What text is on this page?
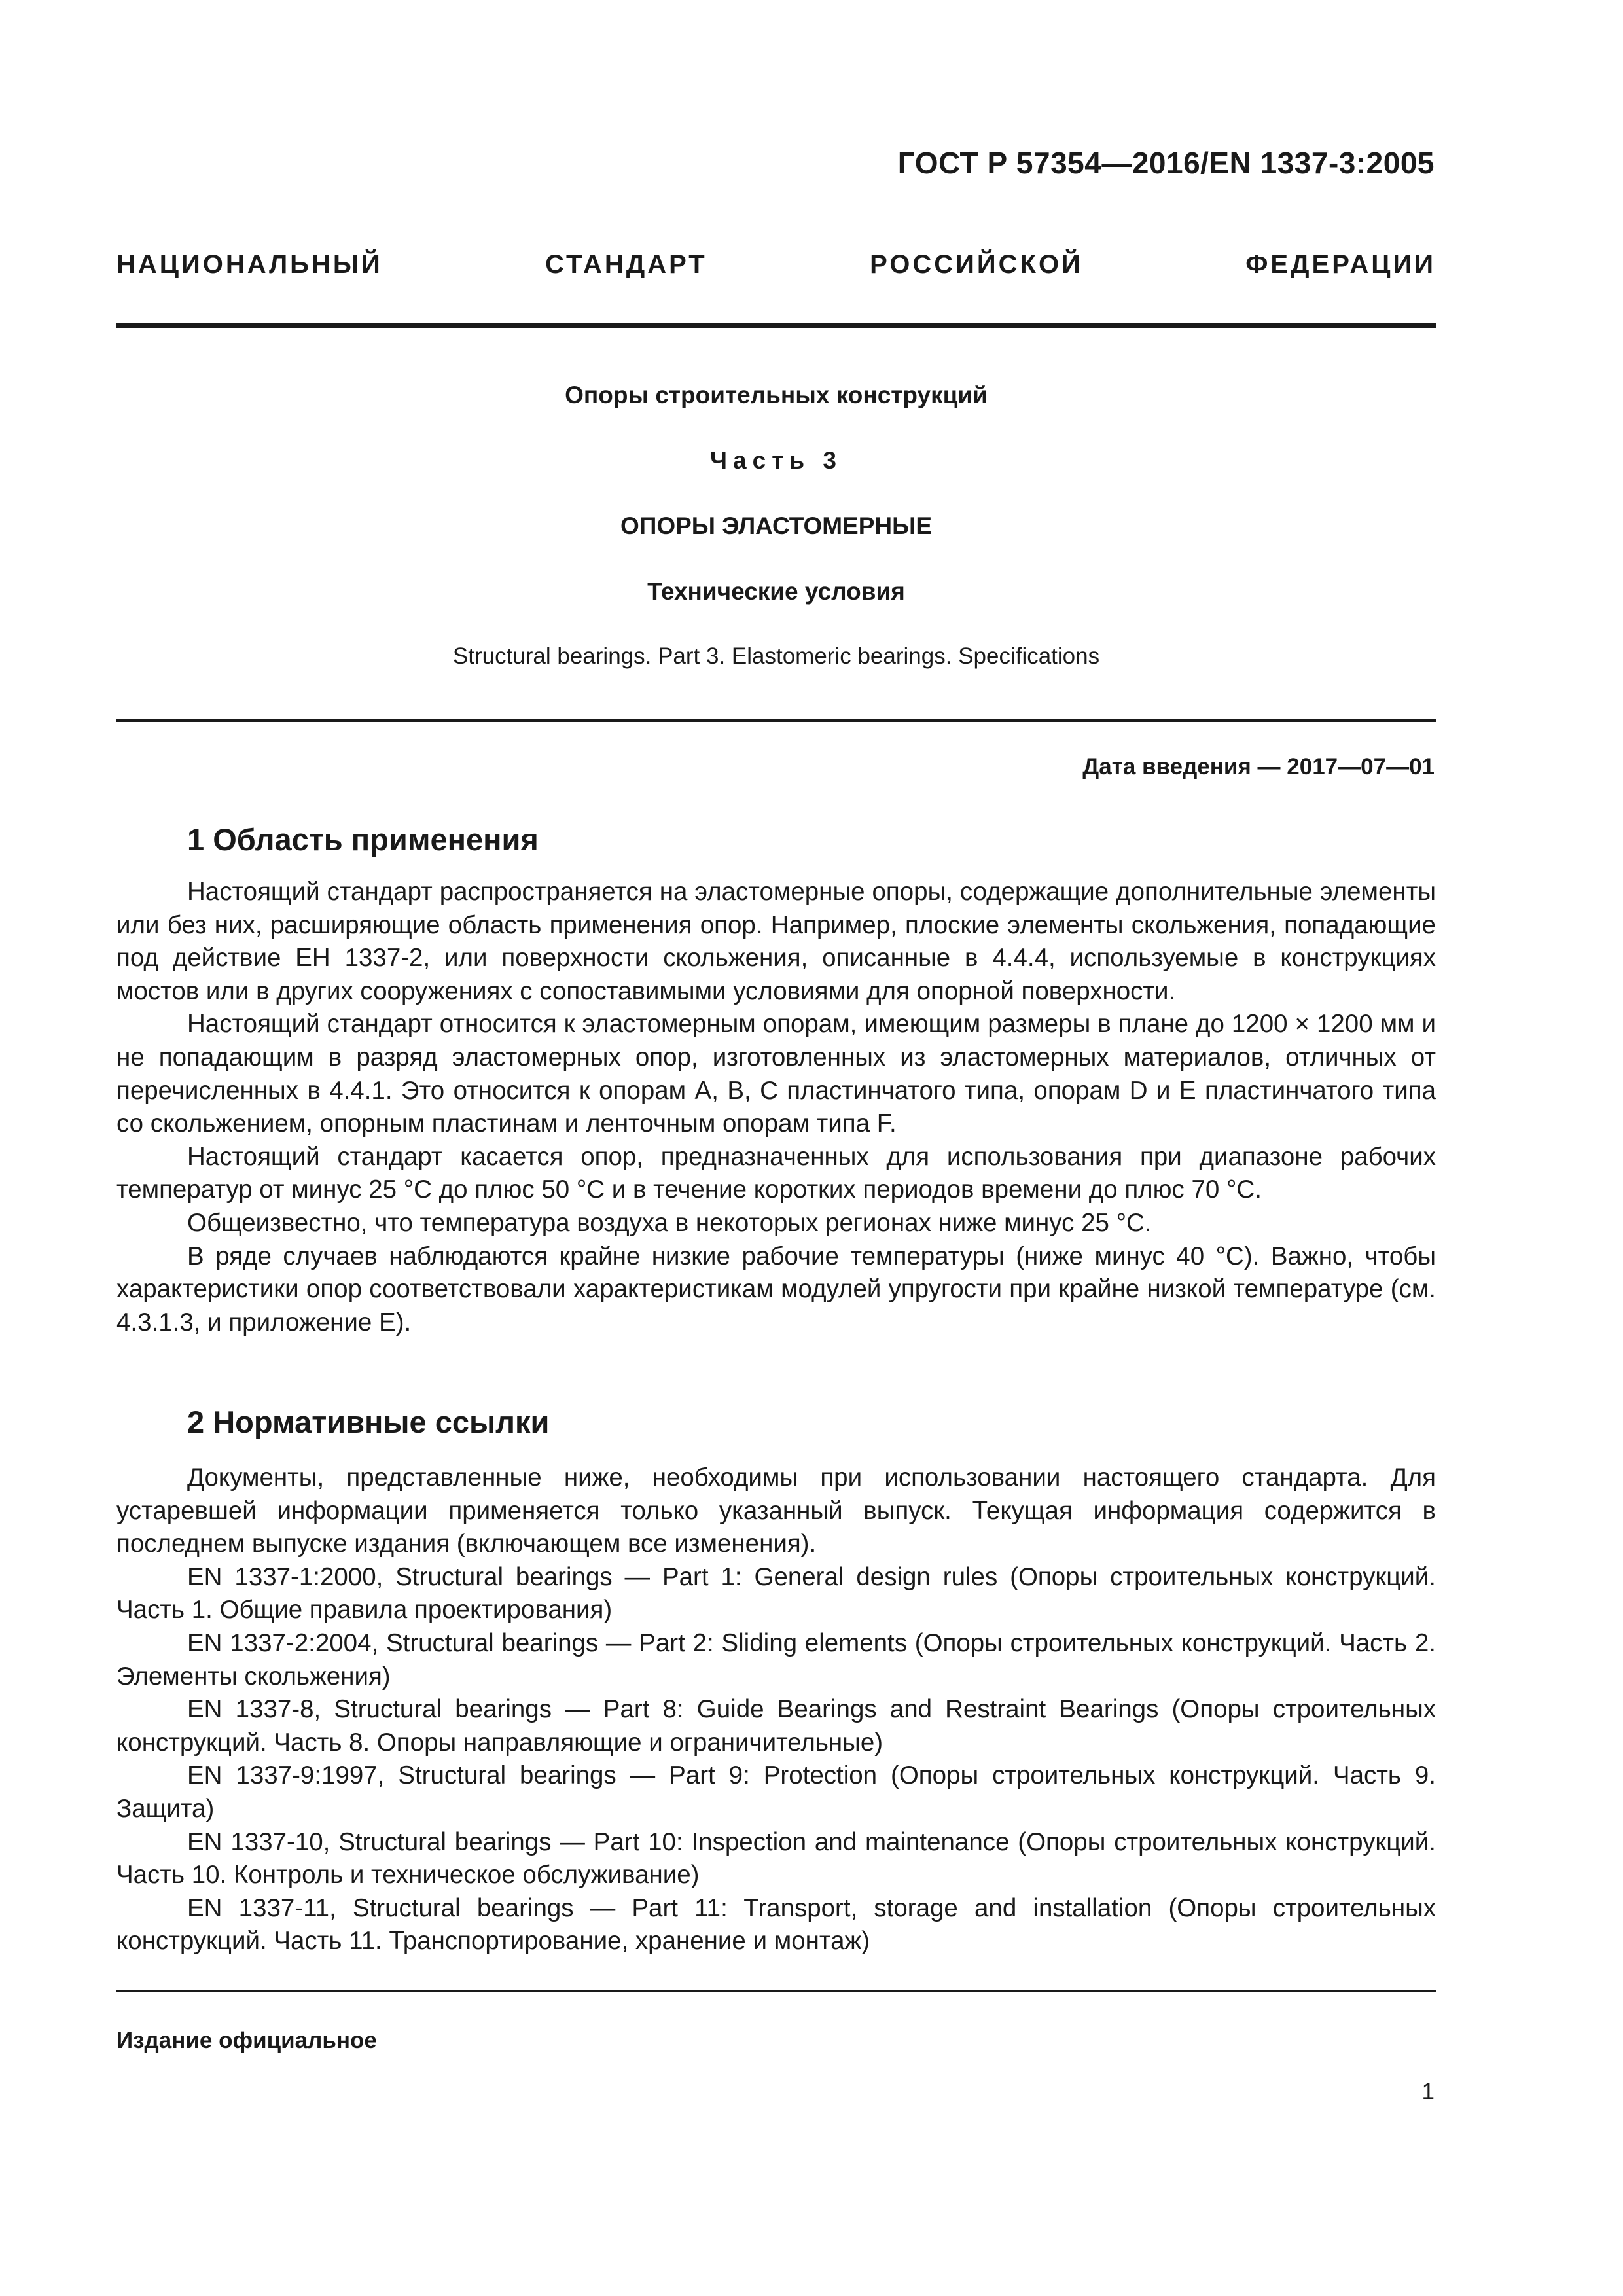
ГОСТ Р 57354—2016/EN 1337-3:2005
НАЦИОНАЛЬНЫЙ СТАНДАРТ РОССИЙСКОЙ ФЕДЕРАЦИИ
Опоры строительных конструкций
Часть 3
ОПОРЫ ЭЛАСТОМЕРНЫЕ
Технические условия
Structural bearings. Part 3. Elastomeric bearings. Specifications
Дата введения — 2017—07—01
1 Область применения

Настоящий стандарт распространяется на эластомерные опоры, содержащие дополнительные элементы или без них, расширяющие область применения опор. Например, плоские элементы скольжения, попадающие под действие ЕН 1337-2, или поверхности скольжения, описанные в 4.4.4, используемые в конструкциях мостов или в других сооружениях с сопоставимыми условиями для опорной поверхности.

Настоящий стандарт относится к эластомерным опорам, имеющим размеры в плане до 1200 × 1200 мм и не попадающим в разряд эластомерных опор, изготовленных из эластомерных материалов, отличных от перечисленных в 4.4.1. Это относится к опорам А, В, С пластинчатого типа, опорам D и Е пластинчатого типа со скольжением, опорным пластинам и ленточным опорам типа F.

Настоящий стандарт касается опор, предназначенных для использования при диапазоне рабочих температур от минус 25 °С до плюс 50 °С и в течение коротких периодов времени до плюс 70 °С.

Общеизвестно, что температура воздуха в некоторых регионах ниже минус 25 °С.

В ряде случаев наблюдаются крайне низкие рабочие температуры (ниже минус 40 °С). Важно, чтобы характеристики опор соответствовали характеристикам модулей упругости при крайне низкой температуре (см. 4.3.1.3, и приложение Е).

2 Нормативные ссылки

Документы, представленные ниже, необходимы при использовании настоящего стандарта. Для устаревшей информации применяется только указанный выпуск. Текущая информация содержится в последнем выпуске издания (включающем все изменения).

EN 1337-1:2000, Structural bearings — Part 1: General design rules (Опоры строительных конструкций. Часть 1. Общие правила проектирования)

EN 1337-2:2004, Structural bearings — Part 2: Sliding elements (Опоры строительных конструкций. Часть 2. Элементы скольжения)

EN 1337-8, Structural bearings — Part 8: Guide Bearings and Restraint Bearings (Опоры строительных конструкций. Часть 8. Опоры направляющие и ограничительные)

EN 1337-9:1997, Structural bearings — Part 9: Protection (Опоры строительных конструкций. Часть 9. Защита)

EN 1337-10, Structural bearings — Part 10: Inspection and maintenance (Опоры строительных конструкций. Часть 10. Контроль и техническое обслуживание)

EN 1337-11, Structural bearings — Part 11: Transport, storage and installation (Опоры строительных конструкций. Часть 11. Транспортирование, хранение и монтаж)

Издание официальное
1
